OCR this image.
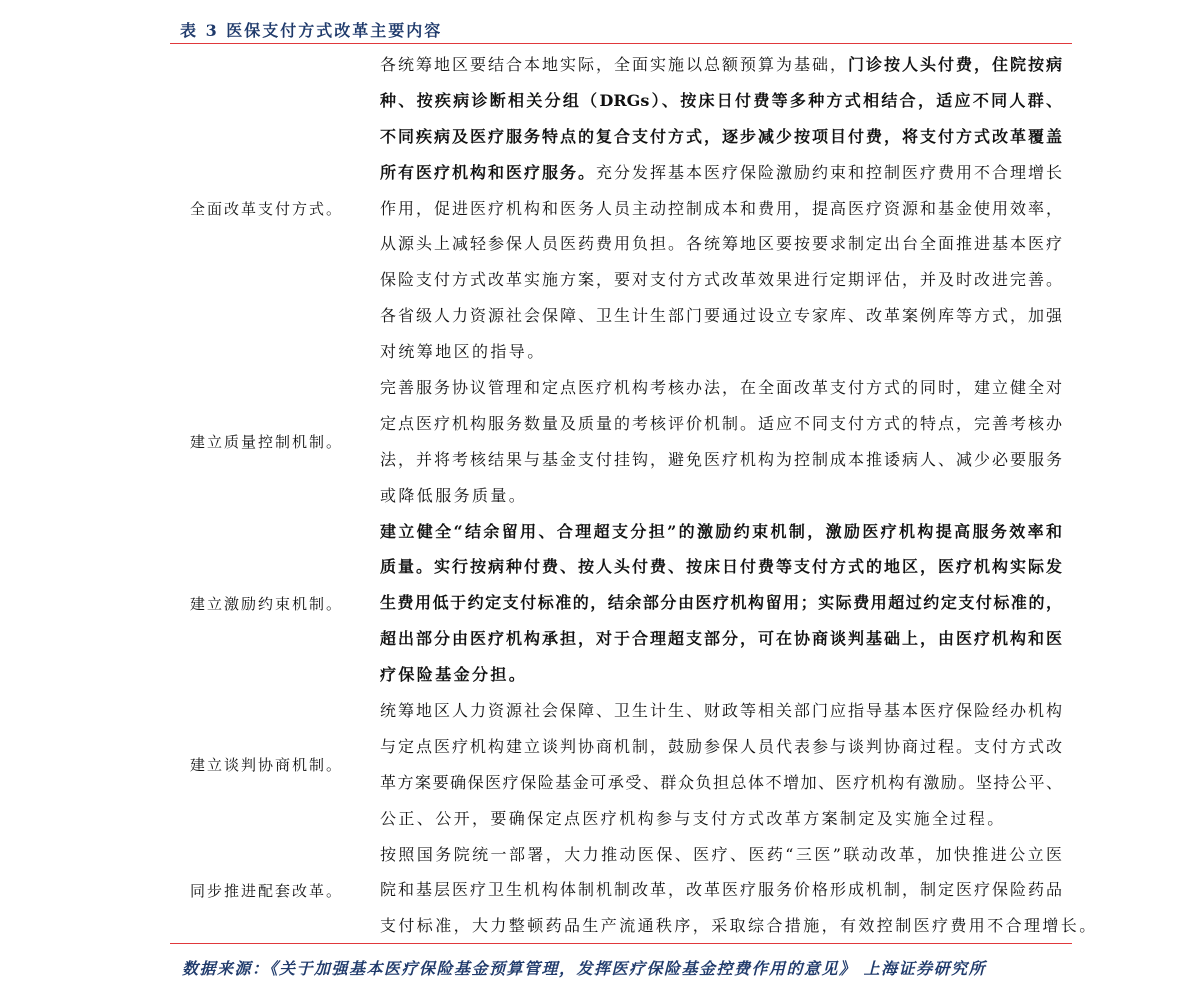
表 3 医保支付方式改革主要内容
全面改革支付方式。
各统筹地区要结合本地实际，全面实施以总额预算为基础，门诊按人头付费，住院按病
种、按疾病诊断相关分组（DRGs）、按床日付费等多种方式相结合，适应不同人群、
不同疾病及医疗服务特点的复合支付方式，逐步减少按项目付费，将支付方式改革覆盖
所有医疗机构和医疗服务。充分发挥基本医疗保险激励约束和控制医疗费用不合理增长
作用，促进医疗机构和医务人员主动控制成本和费用，提高医疗资源和基金使用效率，
从源头上减轻参保人员医药费用负担。各统筹地区要按要求制定出台全面推进基本医疗
保险支付方式改革实施方案，要对支付方式改革效果进行定期评估，并及时改进完善。
各省级人力资源社会保障、卫生计生部门要通过设立专家库、改革案例库等方式，加强
对统筹地区的指导。
建立质量控制机制。
完善服务协议管理和定点医疗机构考核办法，在全面改革支付方式的同时，建立健全对
定点医疗机构服务数量及质量的考核评价机制。适应不同支付方式的特点，完善考核办
法，并将考核结果与基金支付挂钩，避免医疗机构为控制成本推诿病人、减少必要服务
或降低服务质量。
建立激励约束机制。
建立健全“结余留用、合理超支分担”的激励约束机制，激励医疗机构提高服务效率和
质量。实行按病种付费、按人头付费、按床日付费等支付方式的地区，医疗机构实际发
生费用低于约定支付标准的，结余部分由医疗机构留用；实际费用超过约定支付标准的，
超出部分由医疗机构承担，对于合理超支部分，可在协商谈判基础上，由医疗机构和医
疗保险基金分担。
建立谈判协商机制。
统筹地区人力资源社会保障、卫生计生、财政等相关部门应指导基本医疗保险经办机构
与定点医疗机构建立谈判协商机制，鼓励参保人员代表参与谈判协商过程。支付方式改
革方案要确保医疗保险基金可承受、群众负担总体不增加、医疗机构有激励。坚持公平、
公正、公开，要确保定点医疗机构参与支付方式改革方案制定及实施全过程。
同步推进配套改革。
按照国务院统一部署，大力推动医保、医疗、医药“三医”联动改革，加快推进公立医
院和基层医疗卫生机构体制机制改革，改革医疗服务价格形成机制，制定医疗保险药品
支付标准，大力整顿药品生产流通秩序，采取综合措施，有效控制医疗费用不合理增长。
数据来源：《关于加强基本医疗保险基金预算管理，发挥医疗保险基金控费作用的意见》 上海证券研究所
